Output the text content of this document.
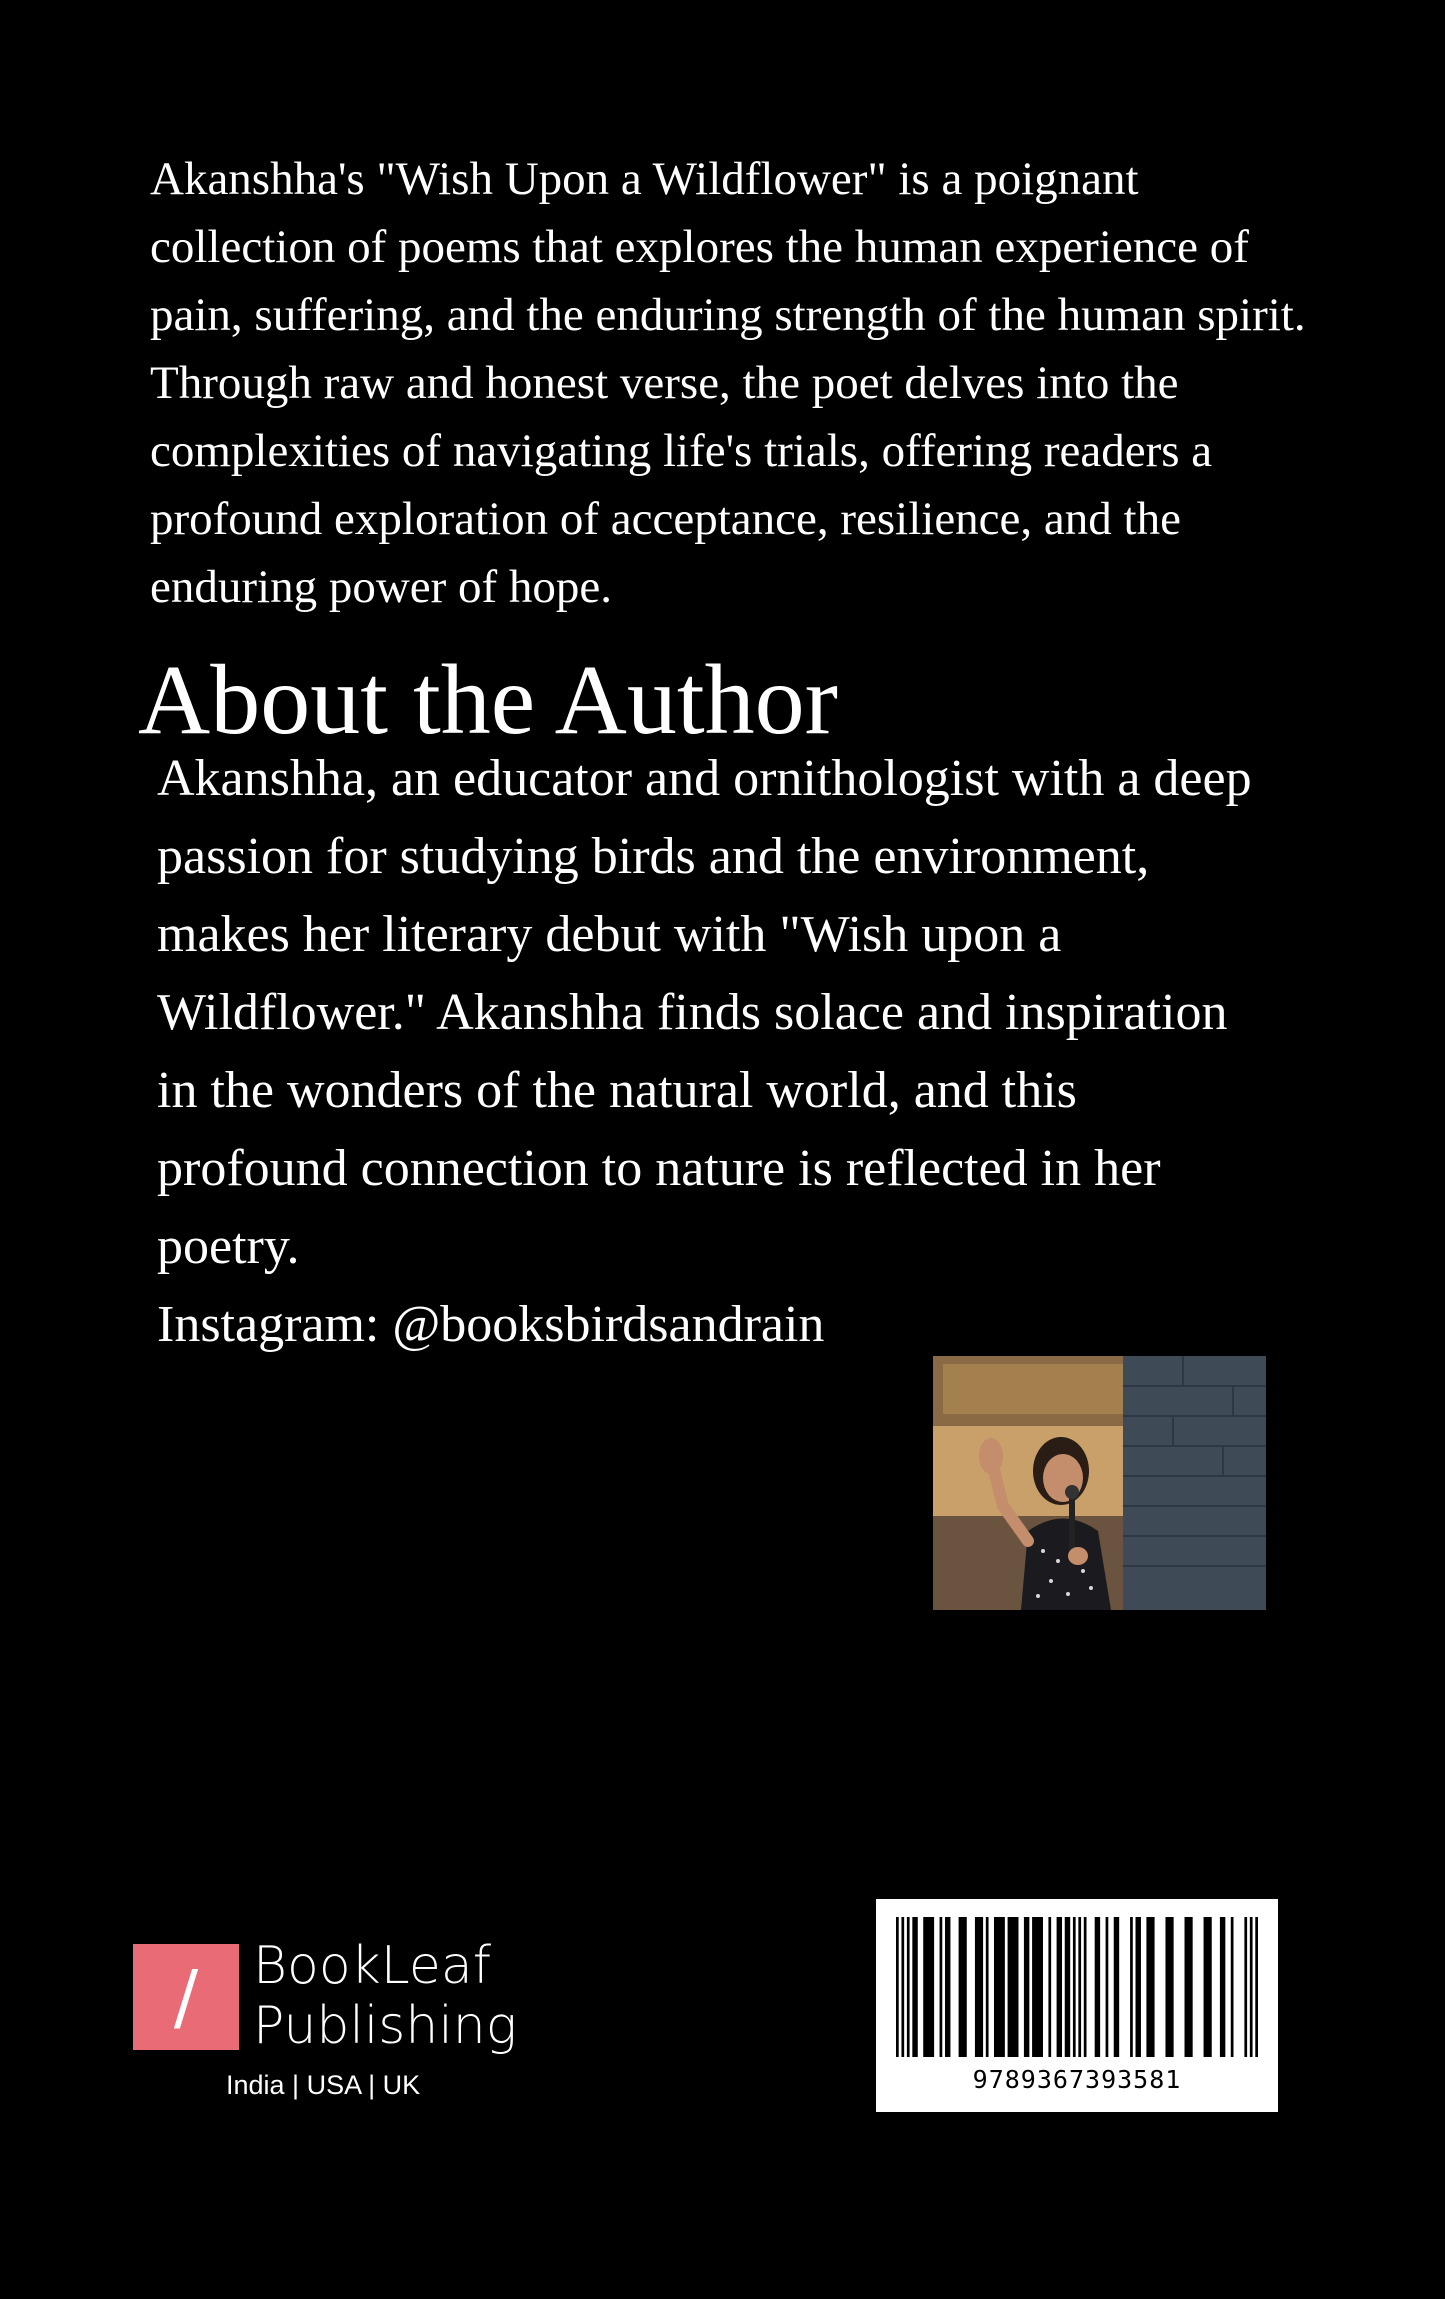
Akanshha's "Wish Upon a Wildflower" is a poignant collection of poems that explores the human experience of pain, suffering, and the enduring strength of the human spirit. Through raw and honest verse, the poet delves into the complexities of navigating life's trials, offering readers a profound exploration of acceptance, resilience, and the enduring power of hope.

About the Author
Akanshha, an educator and ornithologist with a deep passion for studying birds and the environment, makes her literary debut with "Wish upon a Wildflower." Akanshha finds solace and inspiration in the wonders of the natural world, and this profound connection to nature is reflected in her poetry.
Instagram: @booksbirdsandrain
/	BookLeaf
Publishing
India | USA | UK	9789367393581
